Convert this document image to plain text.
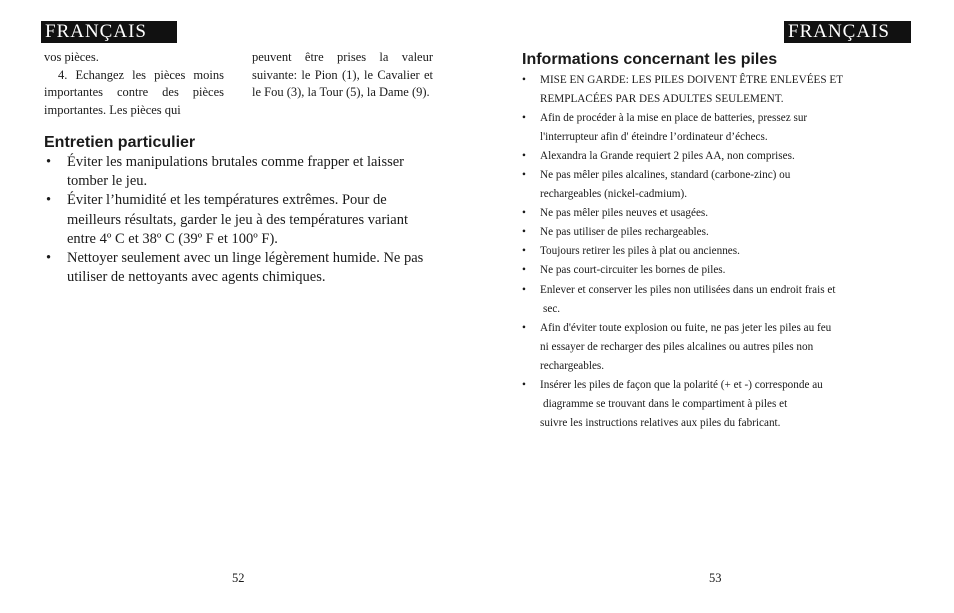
FRANÇAIS

vos pièces.

4. Echangez les pièces moins importantes contre des pièces importantes. Les pièces qui

peuvent être prises la valeur suivante: le Pion (1), le Cavalier et le Fou (3), la Tour (5), la Dame (9).

Entretien particulier
• Éviter les manipulations brutales comme frapper et laisser tomber le jeu.
• Éviter l’humidité et les températures extrêmes. Pour de meilleurs résultats, garder le jeu à des températures variant entre 4º C et 38º C (39º F et 100º F).
• Nettoyer seulement avec un linge légèrement humide. Ne pas utiliser de nettoyants avec agents chimiques.
52
FRANÇAIS
Informations concernant les piles
• MISE EN GARDE: LES PILES DOIVENT ÊTRE ENLEVÉES ET
REMPLACÉES PAR DES ADULTES SEULEMENT.
• Afin de procéder à la mise en place de batteries, pressez sur
l'interrupteur afin d' éteindre l’ordinateur d’échecs.
• Alexandra la Grande requiert 2 piles AA, non comprises.
• Ne pas mêler piles alcalines, standard (carbone-zinc) ou
rechargeables (nickel-cadmium).
• Ne pas mêler piles neuves et usagées.
• Ne pas utiliser de piles rechargeables.
• Toujours retirer les piles à plat ou anciennes.
• Ne pas court-circuiter les bornes de piles.
• Enlever et conserver les piles non utilisées dans un endroit frais et
sec.
• Afin d'éviter toute explosion ou fuite, ne pas jeter les piles au feu
ni essayer de recharger des piles alcalines ou autres piles non
rechargeables.
• Insérer les piles de façon que la polarité (+ et -) corresponde au
diagramme se trouvant dans le compartiment à piles et
suivre les instructions relatives aux piles du fabricant.
53
